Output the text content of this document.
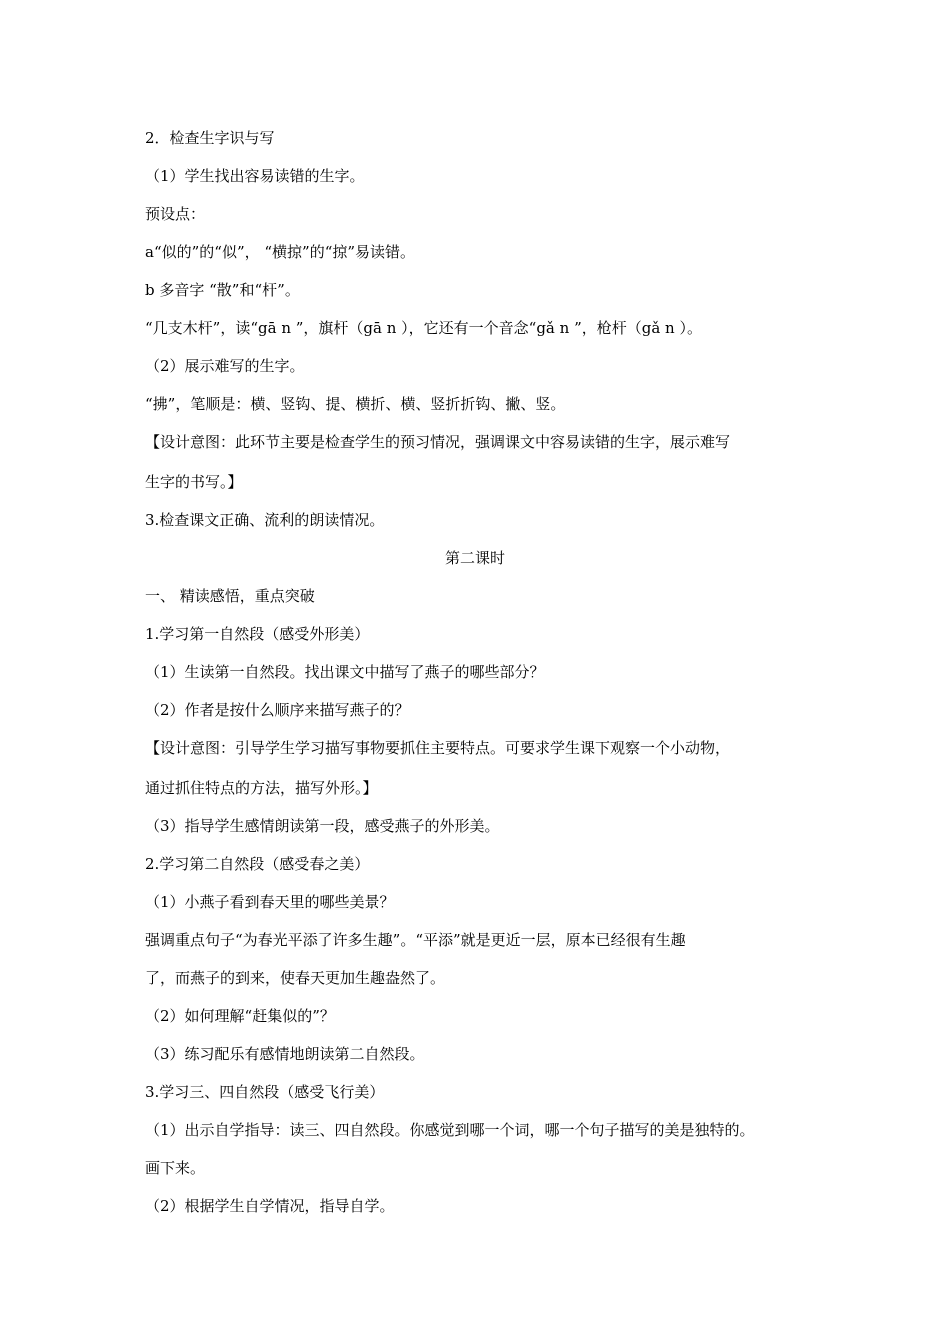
2．检查生字识与写
（1）学生找出容易读错的生字。
预设点：
a“似的”的“似”， “横掠”的“掠”易读错。
b 多音字 “散”和“杆”。
“几支木杆”，读“gā n ”，旗杆（gā n ），它还有一个音念“gǎ n ”，枪杆（gǎ n ）。
（2）展示难写的生字。
“拂”，笔顺是：横、竖钩、提、横折、横、竖折折钩、撇、竖。
【设计意图：此环节主要是检查学生的预习情况，强调课文中容易读错的生字，展示难写
生字的书写。】
3.检查课文正确、流利的朗读情况。
第二课时
一、 精读感悟，重点突破
1.学习第一自然段（感受外形美）
（1）生读第一自然段。找出课文中描写了燕子的哪些部分？
（2）作者是按什么顺序来描写燕子的？
【设计意图：引导学生学习描写事物要抓住主要特点。可要求学生课下观察一个小动物，
通过抓住特点的方法，描写外形。】
（3）指导学生感情朗读第一段，感受燕子的外形美。
2.学习第二自然段（感受春之美）
（1）小燕子看到春天里的哪些美景？
强调重点句子“为春光平添了许多生趣”。“平添”就是更近一层，原本已经很有生趣
了，而燕子的到来，使春天更加生趣盎然了。
（2）如何理解“赶集似的”？
（3）练习配乐有感情地朗读第二自然段。
3.学习三、四自然段（感受飞行美）
（1）出示自学指导：读三、四自然段。你感觉到哪一个词，哪一个句子描写的美是独特的。
画下来。
（2）根据学生自学情况，指导自学。
